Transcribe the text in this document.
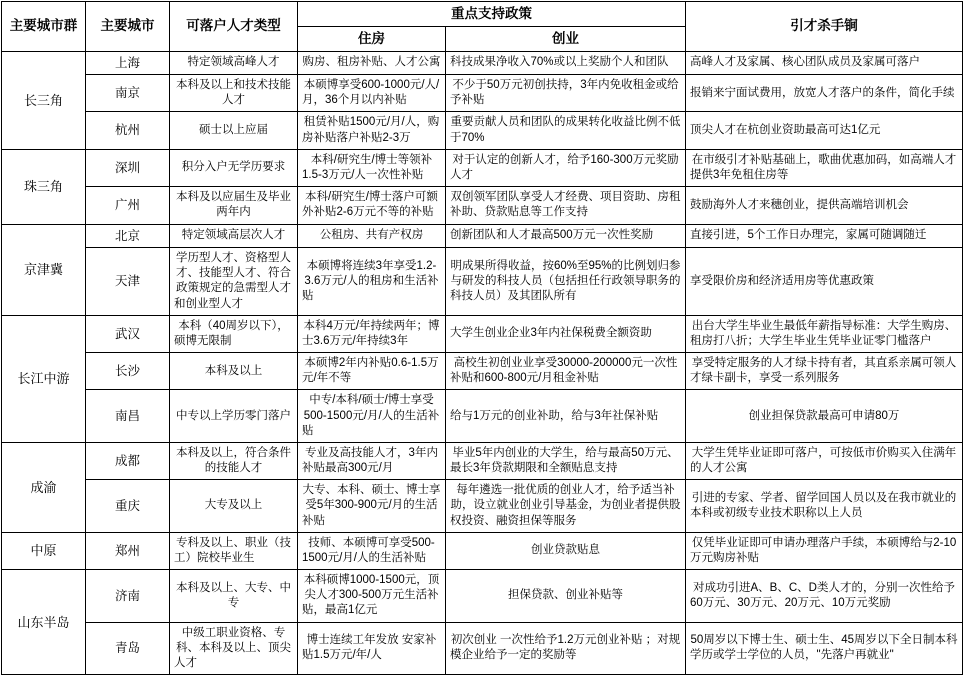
主要城市群	主要城市	可落户人才类型	重点支持政策		引才杀手锏
			住房	创业	
长三角	上海	特定领域高峰人才	购房、租房补贴、人才公寓	科技成果净收入70%或以上奖励个人和团队	高峰人才及家属、核心团队成员及家属可落户
	南京	本科及以上和技术技能人才	本硕博享受600-1000元/人/月，36个月以内补贴	不少于50万元初创扶持，3年内免收租金或给予补贴	报销来宁面试费用，放宽人才落户的条件，简化手续
	杭州	硕士以上应届	租赁补贴1500元/月/人，购房补贴落户补贴2-3万	重要贡献人员和团队的成果转化收益比例不低于70%	顶尖人才在杭创业资助最高可达1亿元
珠三角	深圳	积分入户无学历要求	本科/研究生/博士等领补1.5-3万元/人一次性补贴	对于认定的创新人才，给予160-300万元奖励人才	在市级引才补贴基础上，歌曲优惠加码，如高端人才提供3年免租住房等
	广州	本科及以应届生及毕业两年内	本科/研究生/博士落户可额外补贴2-6万元不等的补贴	双创领军团队享受人才经费、项目资助、房租补助、贷款贴息等工作支持	鼓励海外人才来穗创业，提供高端培训机会
京津冀	北京	特定领域高层次人才	公租房、共有产权房	创新团队和人才最高500万元一次性奖励	直接引进，5个工作日办理完，家属可随调随迁
	天津	学历型人才、资格型人才、技能型人才、符合政策规定的急需型人才和创业型人才	本硕博将连续3年享受1.2-3.6万元/人的租房和生活补贴	明成果所得收益，按60%至95%的比例划归参与研发的科技人员（包括担任行政领导职务的科技人员）及其团队所有	享受限价房和经济适用房等优惠政策
长江中游	武汉	本科（40周岁以下），硕博无限制	本科4万元/年持续两年；博士3.6万元/年持续3年	大学生创业企业3年内社保税费全额资助	出台大学生毕业生最低年薪指导标准：大学生购房、租房打八折；大学生毕业生凭毕业证零门槛落户
	长沙	本科及以上	本硕博2年内补贴0.6-1.5万元/年不等	高校生初创业业享受30000-200000元一次性补贴和600-800元/月租金补贴	享受特定服务的人才绿卡持有者，其直系亲属可领人才绿卡副卡，享受一系列服务
	南昌	中专以上学历零门落户	中专/本科/硕士/博士享受500-1500元/月/人的生活补贴	给与1万元的创业补助，给与3年社保补贴	创业担保贷款最高可申请80万
成渝	成都	本科及以上，符合条件的技能人才	专业及高技能人才，3年内补贴最高300元/月	毕业5年内创业的大学生，给与最高50万元、最长3年贷款期限和全额贴息支持	大学生凭毕业证即可落户，可按低市价购买入住满年的人才公寓
	重庆	大专及以上	大专、本科、硕士、博士享受5年300-900元/月的生活补贴	每年遴选一批优质的创业人才，给予适当补助，设立就业创业引导基金，为创业者提供股权投资、融资担保等服务	引进的专家、学者、留学回国人员以及在我市就业的本科或初级专业技术职称以上人员
中原	郑州	专科及以上、职业（技工）院校毕业生	技师、本硕博可享受500-1500元/月/人的生活补贴	创业贷款贴息	仅凭毕业证即可申请办理落户手续，本硕博给与2-10万元购房补贴
山东半岛	济南	本科及以上、大专、中专	本科硕博1000-1500元，顶尖人才300-500万元生活补贴，最高1亿元	担保贷款、创业补贴等	对成功引进A、B、C、D类人才的，分别一次性给予60万元、30万元、20万元、10万元奖励
	青岛	中级工职业资格、专科、本科及以上、顶尖人才	博士连续工年发放 安家补贴1.5万元/年/人	初次创业 一次性给予1.2万元创业补贴 ；对规模企业给予一定的奖励等	50周岁以下博士生、硕士生、45周岁以下全日制本科学历或学士学位的人员，"先落户再就业"
